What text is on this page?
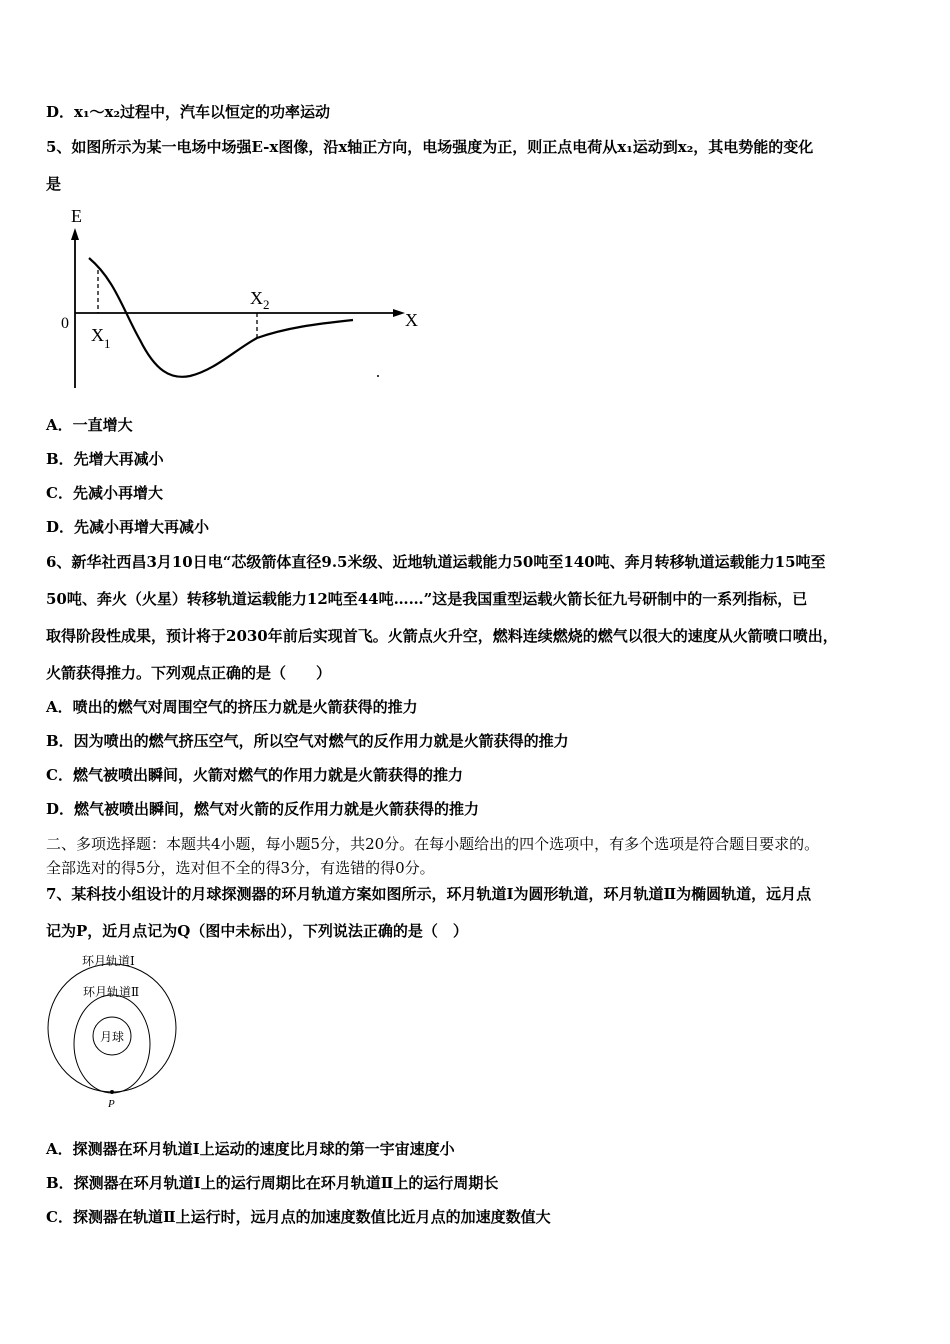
D．x₁～x₂过程中，汽车以恒定的功率运动
5、如图所示为某一电场中场强E-x图像，沿x轴正方向，电场强度为正，则正点电荷从x₁运动到x₂，其电势能的变化
是
E
X
0
$X_1$
$X_2$
A．一直增大
B．先增大再减小
C．先减小再增大
D．先减小再增大再减小
6、新华社西昌3月10日电“芯级箭体直径9.5米级、近地轨道运载能力50吨至140吨、奔月转移轨道运载能力15吨至
50吨、奔火（火星）转移轨道运载能力12吨至44吨……”这是我国重型运载火箭长征九号研制中的一系列指标，已
取得阶段性成果，预计将于2030年前后实现首飞。火箭点火升空，燃料连续燃烧的燃气以很大的速度从火箭喷口喷出，
火箭获得推力。下列观点正确的是（　　）
A．喷出的燃气对周围空气的挤压力就是火箭获得的推力
B．因为喷出的燃气挤压空气，所以空气对燃气的反作用力就是火箭获得的推力
C．燃气被喷出瞬间，火箭对燃气的作用力就是火箭获得的推力
D．燃气被喷出瞬间，燃气对火箭的反作用力就是火箭获得的推力
二、多项选择题：本题共4小题，每小题5分，共20分。在每小题给出的四个选项中，有多个选项是符合题目要求的。
全部选对的得5分，选对但不全的得3分，有选错的得0分。
7、某科技小组设计的月球探测器的环月轨道方案如图所示，环月轨道Ⅰ为圆形轨道，环月轨道Ⅱ为椭圆轨道，远月点
记为P，近月点记为Q（图中未标出），下列说法正确的是（　）
环月轨道Ⅰ
环月轨道Ⅱ
月球
P
A．探测器在环月轨道Ⅰ上运动的速度比月球的第一宇宙速度小
B．探测器在环月轨道Ⅰ上的运行周期比在环月轨道Ⅱ上的运行周期长
C．探测器在轨道Ⅱ上运行时，远月点的加速度数值比近月点的加速度数值大
